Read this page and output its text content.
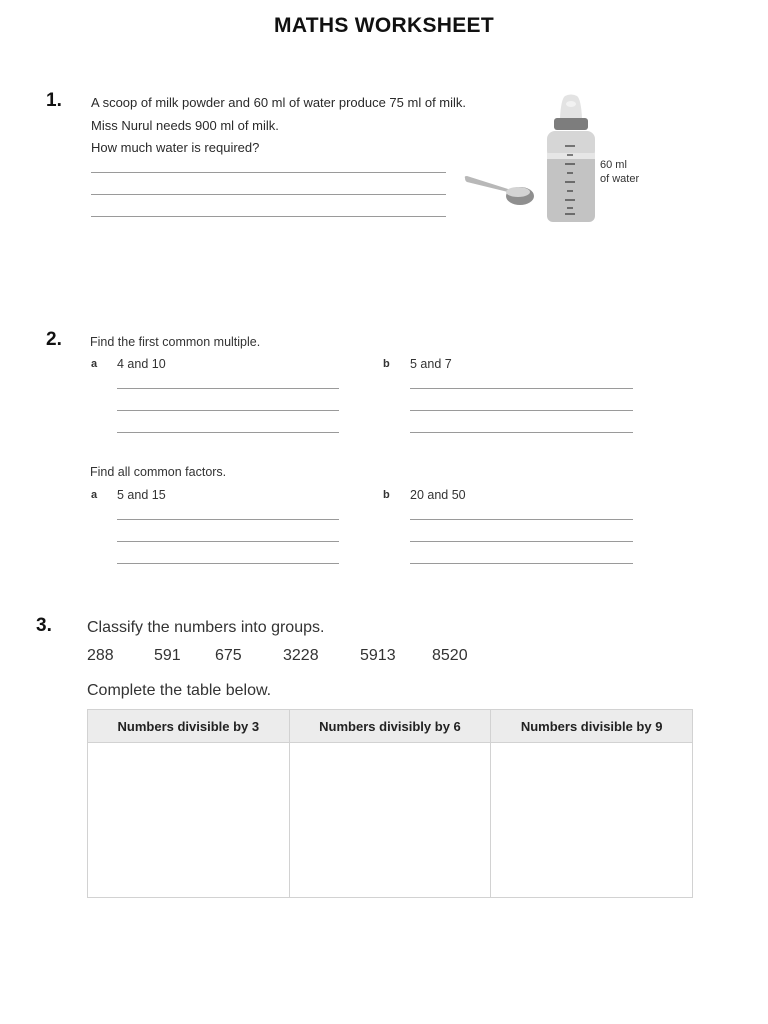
MATHS WORKSHEET
1. A scoop of milk powder and 60 ml of water produce 75 ml of milk.
Miss Nurul needs 900 ml of milk.
How much water is required?
60 ml
of water
2. Find the first common multiple.
a 4 and 10	b 5 and 7
Find all common factors.
a 5 and 15	b 20 and 50
3. Classify the numbers into groups.
288	591 675	3228	5913 8520
Complete the table below.
Numbers divisible by 3	Numbers divisibly by 6	Numbers divisible by 9
